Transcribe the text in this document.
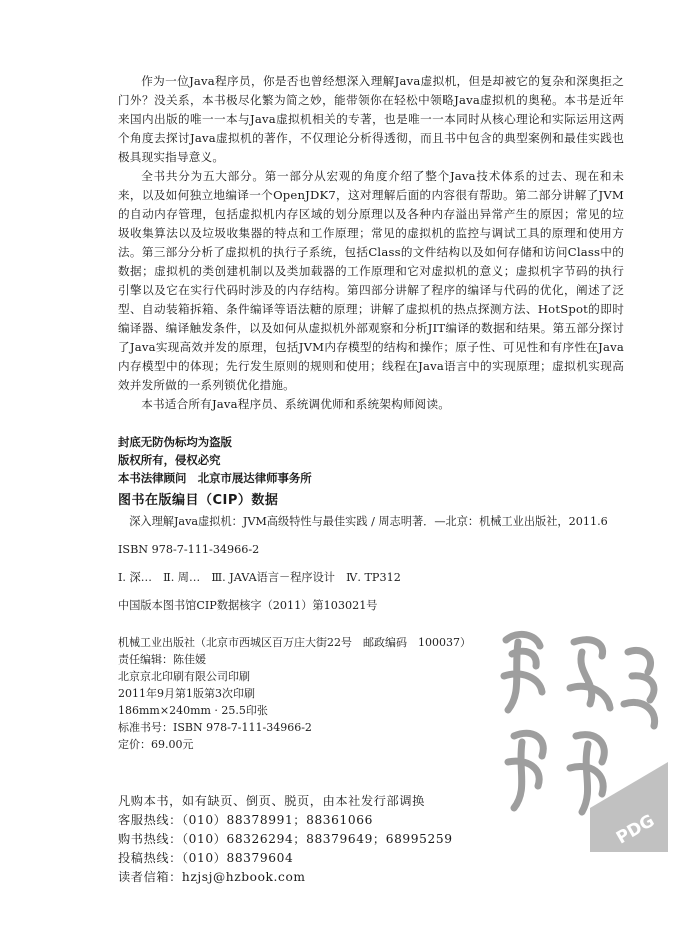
作为一位Java程序员，你是否也曾经想深入理解Java虚拟机，但是却被它的复杂和深奥拒之门外？没关系，本书极尽化繁为简之妙，能带领你在轻松中领略Java虚拟机的奥秘。本书是近年来国内出版的唯一一本与Java虚拟机相关的专著，也是唯一一本同时从核心理论和实际运用这两个角度去探讨Java虚拟机的著作，不仅理论分析得透彻，而且书中包含的典型案例和最佳实践也极具现实指导意义。

全书共分为五大部分。第一部分从宏观的角度介绍了整个Java技术体系的过去、现在和未来，以及如何独立地编译一个OpenJDK7，这对理解后面的内容很有帮助。第二部分讲解了JVM的自动内存管理，包括虚拟机内存区域的划分原理以及各种内存溢出异常产生的原因；常见的垃圾收集算法以及垃圾收集器的特点和工作原理；常见的虚拟机的监控与调试工具的原理和使用方法。第三部分分析了虚拟机的执行子系统，包括Class的文件结构以及如何存储和访问Class中的数据；虚拟机的类创建机制以及类加载器的工作原理和它对虚拟机的意义；虚拟机字节码的执行引擎以及它在实行代码时涉及的内存结构。第四部分讲解了程序的编译与代码的优化，阐述了泛型、自动装箱拆箱、条件编译等语法糖的原理；讲解了虚拟机的热点探测方法、HotSpot的即时编译器、编译触发条件，以及如何从虚拟机外部观察和分析JIT编译的数据和结果。第五部分探讨了Java实现高效并发的原理，包括JVM内存模型的结构和操作；原子性、可见性和有序性在Java内存模型中的体现；先行发生原则的规则和使用；线程在Java语言中的实现原理；虚拟机实现高效并发所做的一系列锁优化措施。

本书适合所有Java程序员、系统调优师和系统架构师阅读。

封底无防伪标均为盗版
版权所有，侵权必究
本书法律顾问　北京市展达律师事务所
图书在版编目（CIP）数据
深入理解Java虚拟机：JVM高级特性与最佳实践 / 周志明著．—北京：机械工业出版社，2011.6
ISBN 978-7-111-34966-2
Ⅰ. 深…　Ⅱ. 周…　Ⅲ. JAVA语言－程序设计　Ⅳ. TP312
中国版本图书馆CIP数据核字（2011）第103021号
机械工业出版社（北京市西城区百万庄大街22号　邮政编码　100037）
责任编辑：陈佳媛
北京京北印刷有限公司印刷
2011年9月第1版第3次印刷
186mm×240mm · 25.5印张
标准书号：ISBN 978-7-111-34966-2
定价：69.00元
凡购本书，如有缺页、倒页、脱页，由本社发行部调换
客服热线：（010）88378991；88361066
购书热线：（010）68326294；88379649；68995259
投稿热线：（010）88379604
读者信箱：hzjsj@hzbook.com
PDG
